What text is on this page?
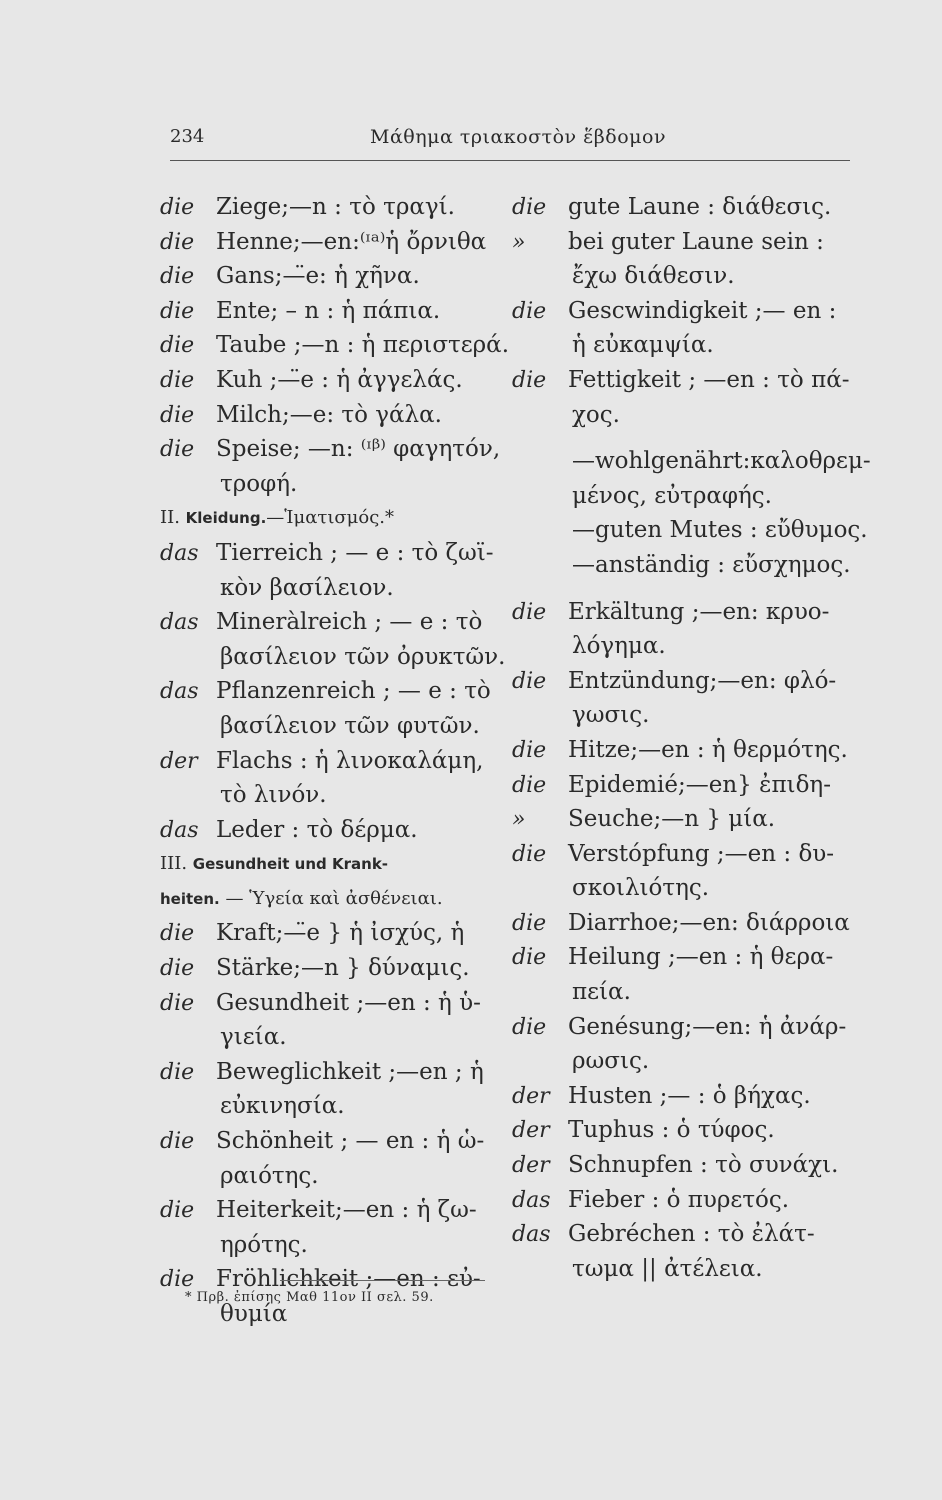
234	Μάθημα τριακοστὸν ἕβδομον
die Ziege;—n : τὸ τραγί.
die Henne;—en:⁽ᶦᵃ⁾ἡ ὄρνιθα
die Gans;—̈e: ἡ χῆνα.
die Ente; – n : ἡ πάπια.
die Taube ;—n : ἡ περιστερά.
die Kuh ;—̈e : ἡ ἀγγελάς.
die Milch;—e: τὸ γάλα.
die Speise; —n: ⁽ᶦᵝ⁾ φαγητόν,
τροφή.
II. Kleidung.—Ἱματισμός.*
das Tierreich ; — e : τὸ ζωϊ-
κὸν βασίλειον.
das Mineràlreich ; — e : τὸ
βασίλειον τῶν ὀρυκτῶν.
das Pflanzenreich ; — e : τὸ
βασίλειον τῶν φυτῶν.
der Flachs : ἡ λινοκαλάμη,
τὸ λινόν.
das Leder : τὸ δέρμα.
III. Gesundheit und Krank-
heiten. — Ὑγεία καὶ ἀσθένειαι.
die Kraft;—̈e } ἡ ἰσχύς, ἡ
die Stärke;—n } δύναμις.
die Gesundheit ;—en : ἡ ὑ-
γιεία.
die Beweglichkeit ;—en ; ἡ
εὐκινησία.
die Schönheit ; — en : ἡ ὡ-
ραιότης.
die Heiterkeit;—en : ἡ ζω-
ηρότης.
die Fröhlichkeit ;—en : εὐ-
θυμία
die gute Laune : διάθεσις.
» bei guter Laune sein :
ἔχω διάθεσιν.
die Gescwindigkeit ;— en :
ἡ εὐκαμψία.
die Fettigkeit ; —en : τὸ πά-
χος.
—wohlgenährt:καλοθρεμ-
μένος, εὐτραφής.
—guten Mutes : εὔθυμος.
—anständig : εὔσχημος.
die Erkältung ;—en: κρυο-
λόγημα.
die Entzündung;—en: φλό-
γωσις.
die Hitze;—en : ἡ θερμότης.
die Epidemié;—en} ἐπιδη-
» Seuche;—n } μία.
die Verstópfung ;—en : δυ-
σκοιλιότης.
die Diarrhoe;—en: διάρροια
die Heilung ;—en : ἡ θερα-
πεία.
die Genésung;—en: ἡ ἀνάρ-
ρωσις.
der Husten ;— : ὁ βήχας.
der Tuphus : ὁ τύφος.
der Schnupfen : τὸ συνάχι.
das Fieber : ὁ πυρετός.
das Gebréchen : τὸ ἐλάτ-
τωμα || ἀτέλεια.
* Πρβ. ἐπίσης Μαθ 11ον ΙΙ σελ. 59.
